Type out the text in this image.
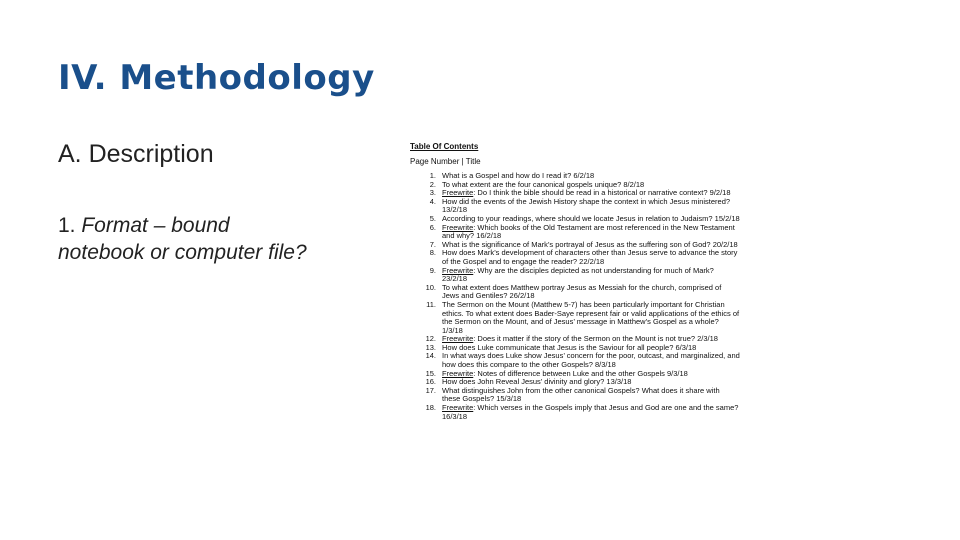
IV. Methodology
A. Description
1. Format – bound notebook or computer file?
Table Of Contents
Page Number | Title
1. What is a Gospel and how do I read it? 6/2/18
2. To what extent are the four canonical gospels unique? 8/2/18
3. Freewrite: Do I think the bible should be read in a historical or narrative context? 9/2/18
4. How did the events of the Jewish History shape the context in which Jesus ministered? 13/2/18
5. According to your readings, where should we locate Jesus in relation to Judaism? 15/2/18
6. Freewrite: Which books of the Old Testament are most referenced in the New Testament and why? 16/2/18
7. What is the significance of Mark’s portrayal of Jesus as the suffering son of God? 20/2/18
8. How does Mark’s development of characters other than Jesus serve to advance the story of the Gospel and to engage the reader? 22/2/18
9. Freewrite: Why are the disciples depicted as not understanding for much of Mark? 23/2/18
10. To what extent does Matthew portray Jesus as Messiah for the church, comprised of Jews and Gentiles? 26/2/18
11. The Sermon on the Mount (Matthew 5-7) has been particularly important for Christian ethics. To what extent does Bader-Saye represent fair or valid applications of the ethics of the Sermon on the Mount, and of Jesus’ message in Matthew’s Gospel as a whole? 1/3/18
12. Freewrite: Does it matter if the story of the Sermon on the Mount is not true? 2/3/18
13. How does Luke communicate that Jesus is the Saviour for all people? 6/3/18
14. In what ways does Luke show Jesus’ concern for the poor, outcast, and marginalized, and how does this compare to the other Gospels? 8/3/18
15. Freewrite: Notes of difference between Luke and the other Gospels 9/3/18
16. How does John Reveal Jesus’ divinity and glory? 13/3/18
17. What distinguishes John from the other canonical Gospels? What does it share with these Gospels? 15/3/18
18. Freewrite: Which verses in the Gospels imply that Jesus and God are one and the same? 16/3/18
